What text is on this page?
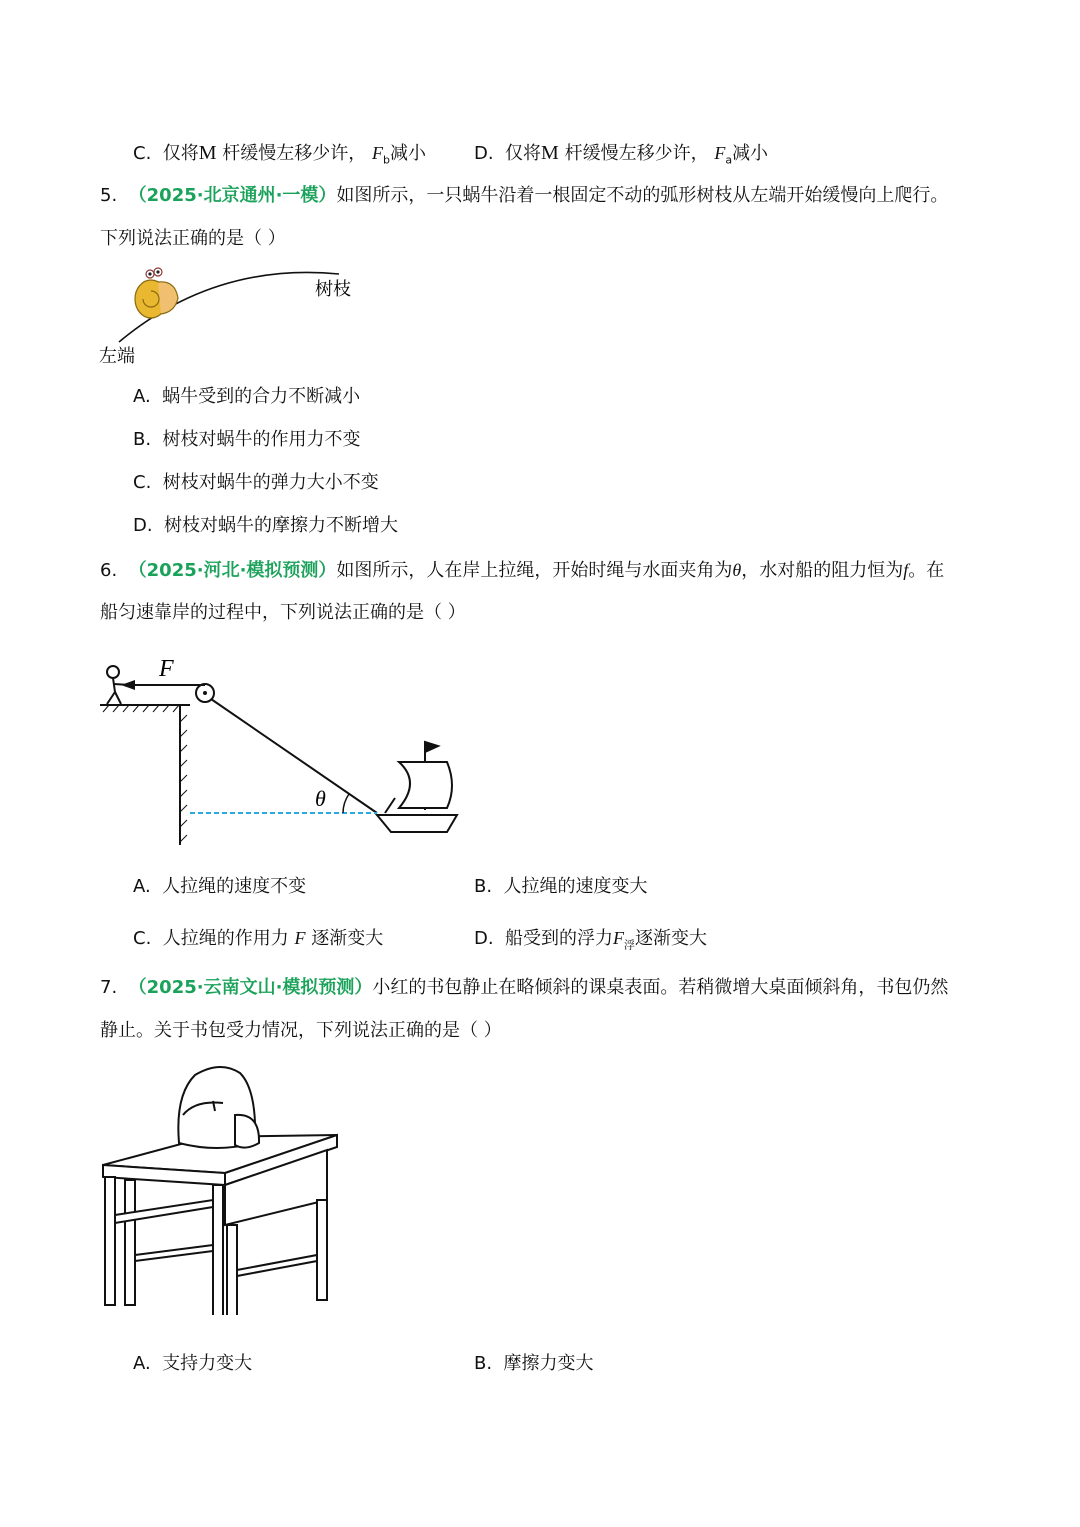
C. 仅将M 杆缓慢左移少许， $F_b$减小	D. 仅将M 杆缓慢左移少许， $F_a$减小
5. （2025·北京通州·一模）如图所示，一只蜗牛沿着一根固定不动的弧形树枝从左端开始缓慢向上爬行。
下列说法正确的是（ ）
树枝
左端
A. 蜗牛受到的合力不断减小
B. 树枝对蜗牛的作用力不变
C. 树枝对蜗牛的弹力大小不变
D. 树枝对蜗牛的摩擦力不断增大
6. （2025·河北·模拟预测）如图所示，人在岸上拉绳，开始时绳与水面夹角为θ，水对船的阻力恒为f。在
船匀速靠岸的过程中，下列说法正确的是（ ）
F
θ
A. 人拉绳的速度不变	B. 人拉绳的速度变大
C. 人拉绳的作用力 F 逐渐变大	D. 船受到的浮力$F_浮$逐渐变大
7. （2025·云南文山·模拟预测）小红的书包静止在略倾斜的课桌表面。若稍微增大桌面倾斜角，书包仍然
静止。关于书包受力情况，下列说法正确的是（ ）
A. 支持力变大	B. 摩擦力变大
